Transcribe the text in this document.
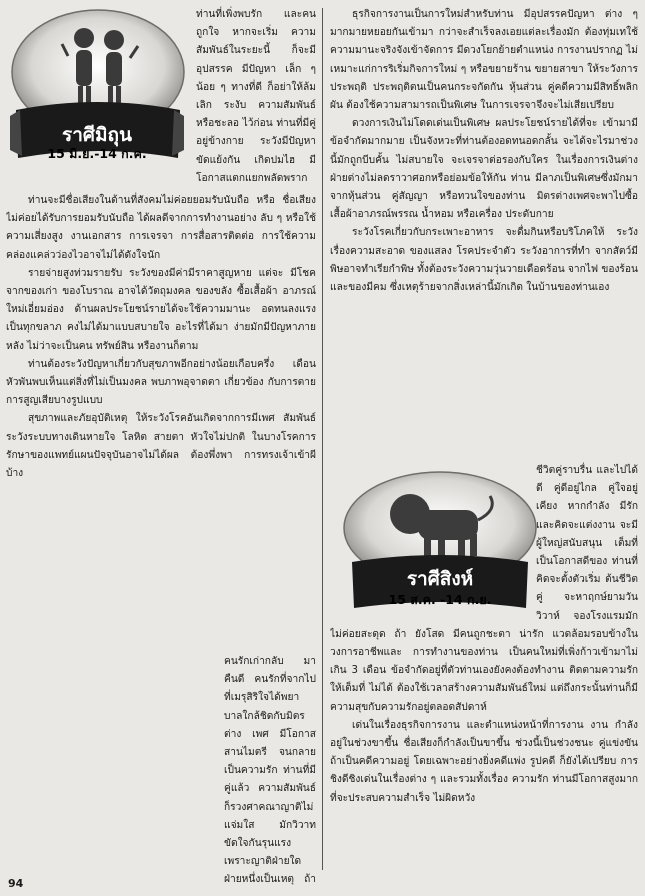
ราศีมิถุน
15 มิ.ย.-14 ก.ค.

ท่านที่เพิ่งพบรัก และคนถูกใจ หากจะเริ่ม ความสัมพันธ์ในระยะนี้ ก็จะมีอุปสรรค มีปัญหา เล็ก ๆ น้อย ๆ ทางที่ดี ก็อย่าให้ล้มเลิก ระงับ ความสัมพันธ์ หรือชะลอ ไว้ก่อน ท่านที่มีคู่อยู่ข้างกาย ระวังมีปัญหาขัดแย้งกัน เกิดปมไฮ มีโอกาสแตกแยกพลัดพราก

ท่านจะมีชื่อเสียงในด้านที่สังคมไม่ค่อยยอมรับนับถือ หรือ ชื่อเสียงไม่ค่อยได้รับการยอมรับนับถือ ได้ผลดีจากการทำงานอย่าง ลับ ๆ หรือใช้ความเสี่ยงสูง งานเอกสาร การเจรจา การสื่อสารติดต่อ การใช้ความคล่องแคล่วว่องไวอาจไม่ได้ดังใจนัก

รายจ่ายสูงท่วมรายรับ ระวังของมีค่ามีราคาสูญหาย แต่จะ มีโชคจากของเก่า ของโบราณ อาจได้วัตถุมงคล ของขลัง ซื้อเสื้อผ้า อาภรณ์ใหม่เอี่ยมอ่อง ด้านผลประโยชน์รายได้จะใช้ความมานะ อดทนลงแรง เป็นทุกขลาภ คงไม่ได้มาแบบสบายใจ อะไรที่ได้มา ง่ายมักมีปัญหาภายหลัง ไม่ว่าจะเป็นคน ทรัพย์สิน หรืองานก็ตาม

ท่านต้องระวังปัญหาเกี่ยวกับสุขภาพอีกอย่างน้อยเกือบครึ่ง เดือน หัวพันพบเห็นแต่สิ่งที่ไม่เป็นมงคล พบภาพอุจาดตา เกี่ยวข้อง กับการตาย การสูญเสียบางรูปแบบ

สุขภาพและภัยอุบัติเหตุ ให้ระวังโรคอันเกิดจากการมีเพศ สัมพันธ์ ระวังระบบทางเดินหายใจ โลหิต สายตา หัวใจไม่ปกติ ในบางโรคการรักษาของแพทย์แผนปัจจุบันอาจไม่ได้ผล ต้องพึ่งพา การทรงเจ้าเข้าผีบ้าง

คนรักเก่ากลับ มาคืนดี คนรักที่จากไป ที่เมรุสิริใจได้พยา บาลใกล้ชิดกับมิตรต่าง เพศ มีโอกาสสานไมตรี จนกลายเป็นความรัก ท่านที่มีคู่แล้ว ความสัมพันธ์ก็รวงศาคณาญาติไม่แจ่มใส มักวิวาท ขัดใจกันรุนแรงเพราะญาติฝ่ายใดฝ่ายหนึ่งเป็นเหตุ ถ้า

ธุรกิจการงานเป็นการใหม่สำหรับท่าน มีอุปสรรคปัญหา ต่าง ๆ มากมายหยอยกันเข้ามา กว่าจะสำเร็จลงเอยแต่ละเรื่องมัก ต้องทุ่มเทใช้ความมานะจริงจังเข้าจัดการ มีดวงโยกย้ายตำแหน่ง การงานปรากฏ ไม่เหมาะแก่การริเริ่มกิจการใหม่ ๆ หรือขยายร้าน ขยายสาขา ให้ระวังการประพฤติ ประพฤติตนเป็นคนกระจกัดกัน หุ้นส่วน คู่คดีความมีสิทธิ์พลิกผัน ต้องใช้ความสามารถเป็นพิเศษ ในการเจรจาจึงจะไม่เสียเปรียบ

ดวงการเงินไม่โดดเด่นเป็นพิเศษ ผลประโยชน์รายได้ที่จะ เข้ามามีข้อจำกัดมากมาย เป็นจังหวะที่ท่านต้องอดทนอดกลั้น จะได้จะไรมาช่วงนี้มักถูกบีบคั้น ไม่สบายใจ จะเจรจาต่อรองกับใคร ในเรื่องการเงินต่างฝ่ายต่างไม่ลดราวาศอกหรือย่อมข้อให้กัน ท่าน มีลาภเป็นพิเศษซึ่งมักมาจากหุ้นส่วน คู่สัญญา หรือทวนใจของท่าน มิตรต่างเพศจะพาไปซื้อเสื้อผ้าอาภรณ์พรรณ น้ำหอม หรือเครื่อง ประดับกาย

ระวังโรคเกี่ยวกับกระเพาะอาหาร จะดื่มกินหรือบริโภคให้ ระวังเรื่องความสะอาด ของแสลง โรคประจำตัว ระวังอาการที่ทำ จากสัตว์มีพิษอาจทำเรียกำพิษ ทั้งต้องระวังความวุ่นวายเดือดร้อน จากไฟ ของร้อนและของมีคม ซึ่งเหตุร้ายจากสิ่งเหล่านี้มักเกิด ในบ้านของท่านเอง

ราศีสิงห์
15 ส.ค. -14 ก.ย.

ชีวิตคู่ราบรื่น และไปได้ดี คู่ดีอยู่ไกล คู่ใจอยู่เคียง หากกำลัง มีรักและคิดจะแต่งงาน จะมีผู้ใหญ่สนับสนุน เต็มที่ เป็นโอกาสดีของ ท่านที่คิดจะตั้งตัวเริ่ม ต้นชีวิตคู่ จะหาฤกษ์ยามวันวิวาห์ จองโรงแรมมักไม่ค่อยสะดุด ถ้า ยังโสด มีคนถูกชะตา น่ารัก แวดล้อมรอบข้างในวงการอาชีพและ การทำงานของท่าน เป็นคนใหม่ที่เพิ่งก้าวเข้ามาไม่เกิน 3 เดือน ข้อจำกัดอยู่ที่ตัวท่านเองยังคงต้องทำงาน ติดตามความรักให้เต็มที่ ไม่ได้ ต้องใช้เวลาสร้างความสัมพันธ์ใหม่ แต่ถึงกระนั้นท่านก็มี ความสุขกับความรักอยู่ตลอดสัปดาห์

เด่นในเรื่องธุรกิจการงาน และตำแหน่งหน้าที่การงาน งาน กำลังอยู่ในช่วงขาขึ้น ชื่อเสียงก็กำลังเป็นขาขึ้น ช่วงนี้เป็นช่วงชนะ คู่แข่งขัน ถ้าเป็นคดีความอยู่ โดยเฉพาะอย่างยิ่งคดีแพ่ง รูปคดี ก็ยังได้เปรียบ การชิงดีชิงเด่นในเรื่องต่าง ๆ และรวมทั้งเรื่อง ความรัก ท่านมีโอกาสสูงมากที่จะประสบความสำเร็จ ไม่ผิดหวัง

94
